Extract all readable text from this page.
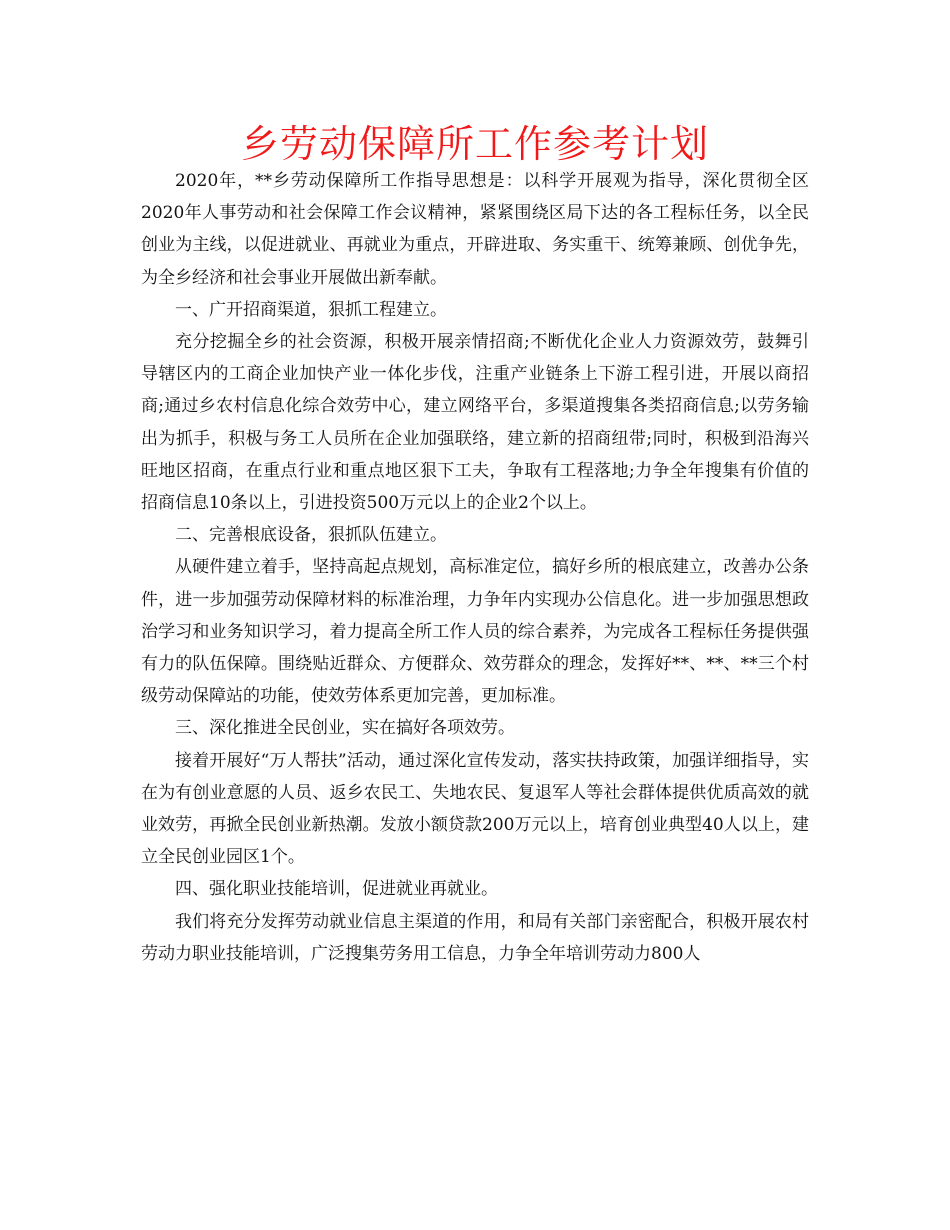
乡劳动保障所工作参考计划

2020年，**乡劳动保障所工作指导思想是：以科学开展观为指导，深化贯彻全区2020年人事劳动和社会保障工作会议精神，紧紧围绕区局下达的各工程标任务，以全民创业为主线，以促进就业、再就业为重点，开辟进取、务实重干、统筹兼顾、创优争先，为全乡经济和社会事业开展做出新奉献。

一、广开招商渠道，狠抓工程建立。

充分挖掘全乡的社会资源，积极开展亲情招商;不断优化企业人力资源效劳，鼓舞引导辖区内的工商企业加快产业一体化步伐，注重产业链条上下游工程引进，开展以商招商;通过乡农村信息化综合效劳中心，建立网络平台，多渠道搜集各类招商信息;以劳务输出为抓手，积极与务工人员所在企业加强联络，建立新的招商纽带;同时，积极到沿海兴旺地区招商，在重点行业和重点地区狠下工夫，争取有工程落地;力争全年搜集有价值的招商信息10条以上，引进投资500万元以上的企业2个以上。

二、完善根底设备，狠抓队伍建立。

从硬件建立着手，坚持高起点规划，高标准定位，搞好乡所的根底建立，改善办公条件，进一步加强劳动保障材料的标准治理，力争年内实现办公信息化。进一步加强思想政治学习和业务知识学习，着力提高全所工作人员的综合素养，为完成各工程标任务提供强有力的队伍保障。围绕贴近群众、方便群众、效劳群众的理念，发挥好**、**、**三个村级劳动保障站的功能，使效劳体系更加完善，更加标准。

三、深化推进全民创业，实在搞好各项效劳。

接着开展好“万人帮扶”活动，通过深化宣传发动，落实扶持政策，加强详细指导，实在为有创业意愿的人员、返乡农民工、失地农民、复退军人等社会群体提供优质高效的就业效劳，再掀全民创业新热潮。发放小额贷款200万元以上，培育创业典型40人以上，建立全民创业园区1个。

四、强化职业技能培训，促进就业再就业。

我们将充分发挥劳动就业信息主渠道的作用，和局有关部门亲密配合，积极开展农村劳动力职业技能培训，广泛搜集劳务用工信息，力争全年培训劳动力800人
